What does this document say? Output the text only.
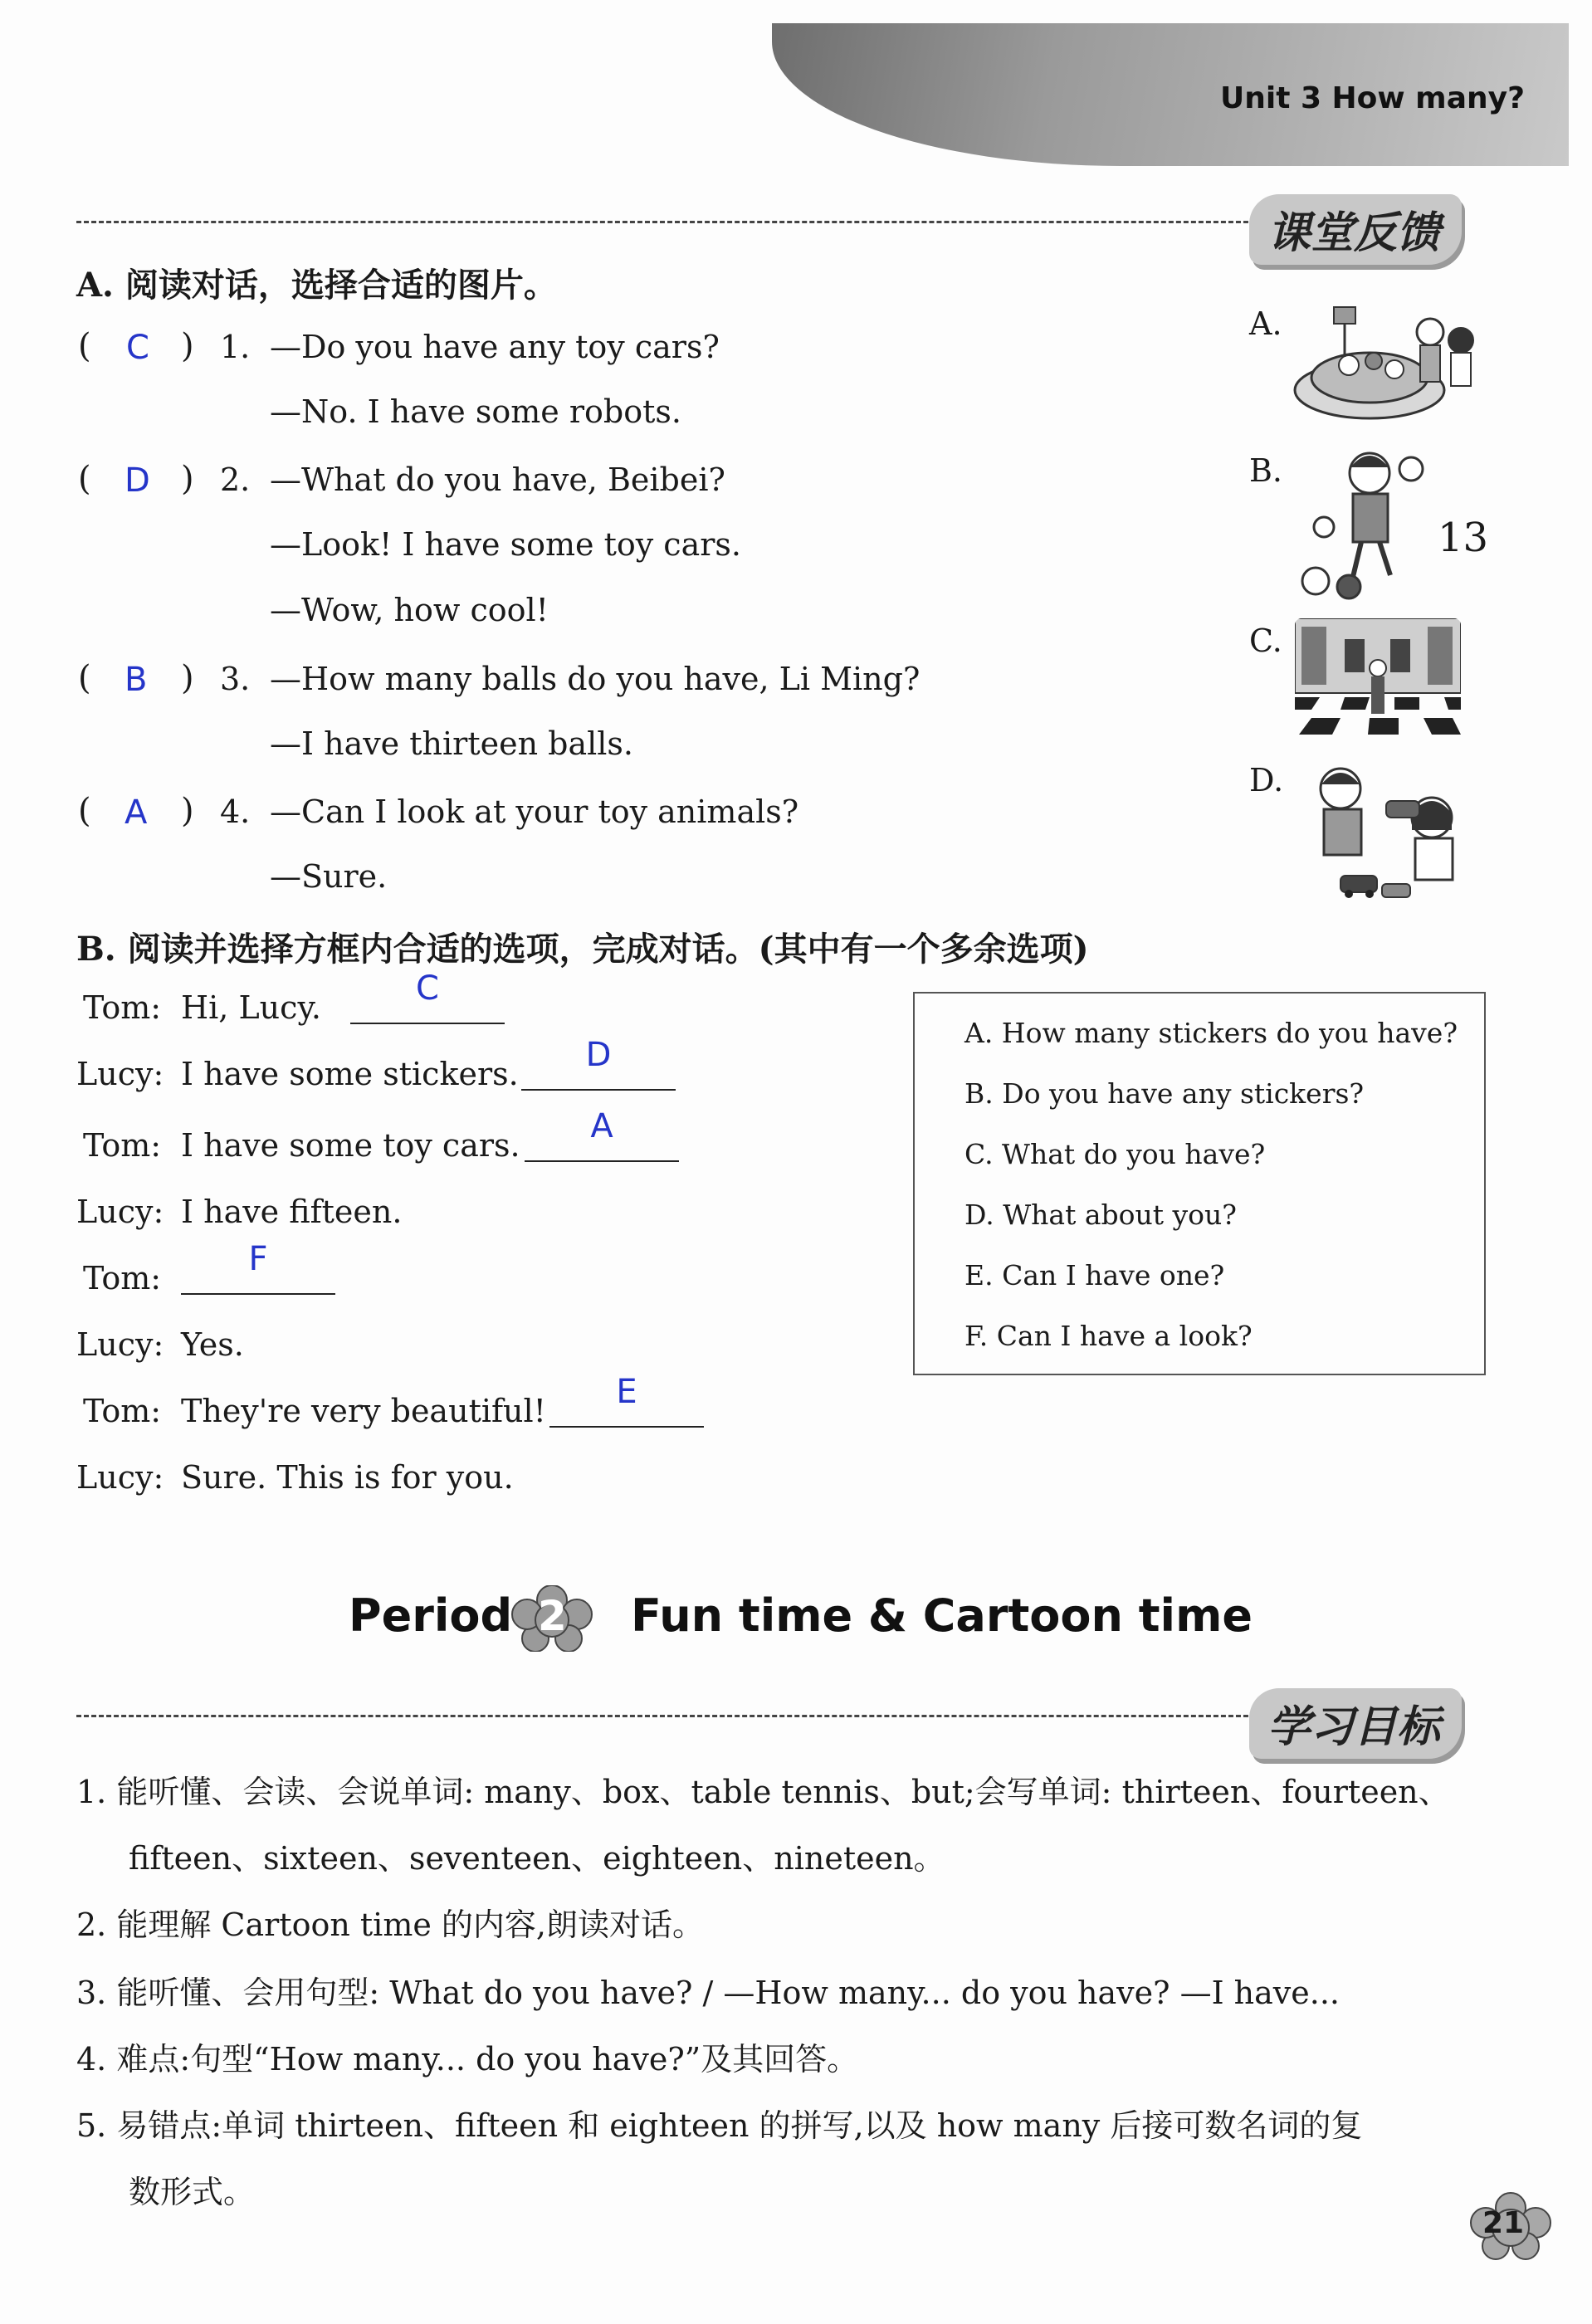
Unit 3 How many?
课堂反馈
A. 阅读对话，选择合适的图片。
( C ) 1. —Do you have any toy cars?
—No. I have some robots.
( D ) 2. —What do you have, Beibei?
—Look! I have some toy cars.
—Wow, how cool!
( B ) 3. —How many balls do you have, Li Ming?
—I have thirteen balls.
( A ) 4. —Can I look at your toy animals?
—Sure.
A.
B.
13
C.
D.
B. 阅读并选择方框内合适的选项，完成对话。(其中有一个多余选项)
Tom: Hi, Lucy.	C
Lucy: I have some stickers.	D
Tom: I have some toy cars.	A
Lucy: I have fifteen.
Tom:	F
Lucy: Yes.
Tom: They're very beautiful!	E
Lucy: Sure. This is for you.
A. How many stickers do you have?
B. Do you have any stickers?
C. What do you have?
D. What about you?
E. Can I have one?
F. Can I have a look?
Period 2 Fun time & Cartoon time
学习目标
1. 能听懂、会读、会说单词: many、box、table tennis、but;会写单词: thirteen、fourteen、
fifteen、sixteen、seventeen、eighteen、nineteen。
2. 能理解 Cartoon time 的内容,朗读对话。
3. 能听懂、会用句型: What do you have? / —How many... do you have? —I have...
4. 难点:句型“How many... do you have?”及其回答。
5. 易错点:单词 thirteen、fifteen 和 eighteen 的拼写,以及 how many 后接可数名词的复
数形式。
21
